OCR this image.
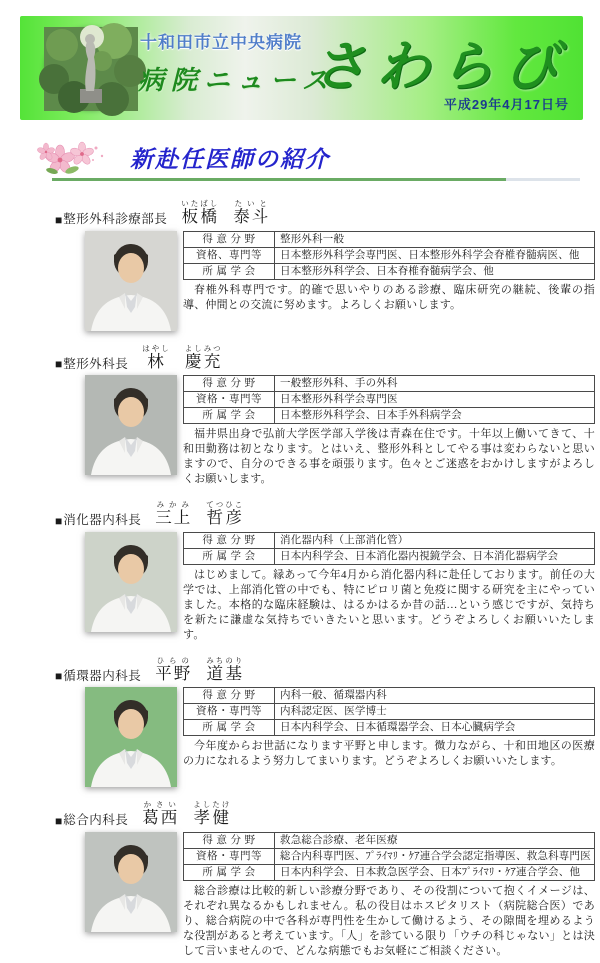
十和田市立中央病院
病院ニュース
さわらび
平成29年4月17日号
新赴任医師の紹介
■ 整形外科診療部長 板橋いたばし
泰斗たいと
得 意 分 野	整形外科一般
資格、専門等	日本整形外科学会専門医、日本整形外科学会脊椎脊髄病医、他
所 属 学 会	日本整形外科学会、日本脊椎脊髄病学会、他

脊椎外科専門です。的確で思いやりのある診療、臨床研究の継続、後輩の指導、仲間との交流に努めます。よろしくお願いします。

■ 整形外科長 林はやし
慶充よしみつ
得 意 分 野	一般整形外科、手の外科
資格・専門等	日本整形外科学会専門医
所 属 学 会	日本整形外科学会、日本手外科病学会

福井県出身で弘前大学医学部入学後は青森在住です。十年以上働いてきて、十和田勤務は初となります。とはいえ、整形外科としてやる事は変わらないと思いますので、自分のできる事を頑張ります。色々とご迷惑をおかけしますがよろしくお願いします。

■ 消化器内科長 三上みかみ
哲彦てつひこ
得 意 分 野	消化器内科（上部消化管）
所 属 学 会	日本内科学会、日本消化器内視鏡学会、日本消化器病学会

はじめまして。縁あって今年4月から消化器内科に赴任しております。前任の大学では、上部消化管の中でも、特にピロリ菌と免疫に関する研究を主にやっていました。本格的な臨床経験は、はるかはるか昔の話…という感じですが、気持ちを新たに謙虚な気持ちでいきたいと思います。どうぞよろしくお願いいたします。

■ 循環器内科長 平野ひらの
道基みちのり
得 意 分 野	内科一般、循環器内科
資格・専門等	内科認定医、医学博士
所 属 学 会	日本内科学会、日本循環器学会、日本心臓病学会

今年度からお世話になります平野と申します。微力ながら、十和田地区の医療の力になれるよう努力してまいります。どうぞよろしくお願いいたします。

■ 総合内科長 葛西かさい
孝健よしたけ
得 意 分 野	救急総合診療、老年医療
資格・専門等	総合内科専門医、ﾌﾟﾗｲﾏﾘ・ｹｱ連合学会認定指導医、救急科専門医
所 属 学 会	日本内科学会、日本救急医学会、日本ﾌﾟﾗｲﾏﾘ・ｹｱ連合学会、他

総合診療は比較的新しい診療分野であり、その役割について抱くイメージは、それぞれ異なるかもしれません。私の役目はホスピタリスト（病院総合医）であり、総合病院の中で各科が専門性を生かして働けるよう、その隙間を埋めるような役割があると考えています。「人」を診ている限り「ウチの科じゃない」とは決して言いませんので、どんな病態でもお気軽にご相談ください。
